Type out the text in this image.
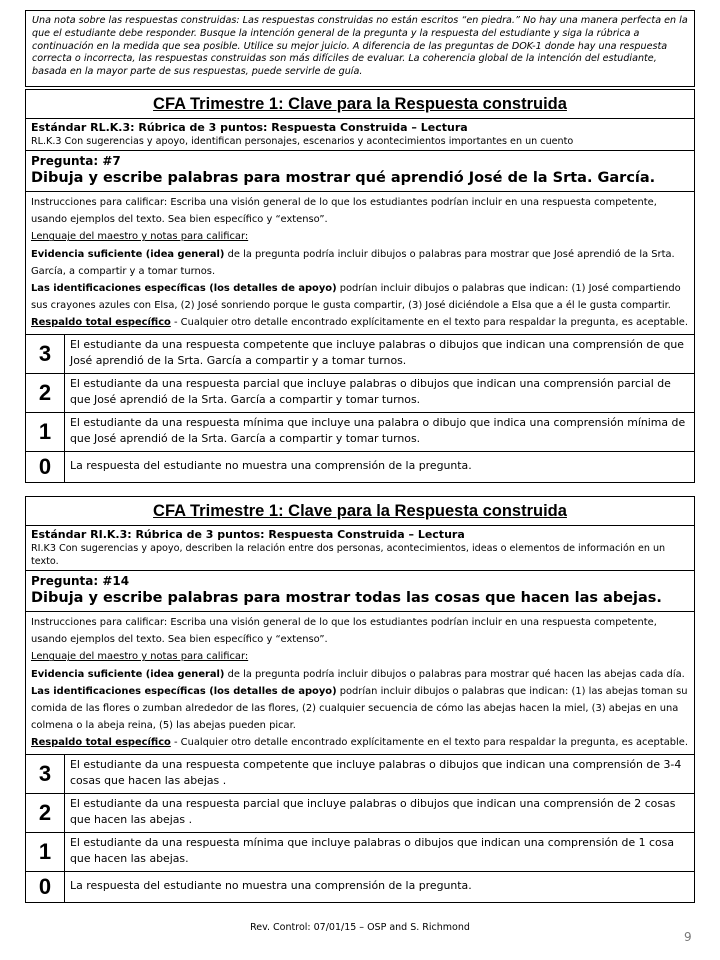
Una nota sobre las respuestas construidas: Las respuestas construidas no están escritos “en piedra.” No hay una manera perfecta en la que el estudiante debe responder. Busque la intención general de la pregunta y la respuesta del estudiante y siga la rúbrica a continuación en la medida que sea posible. Utilice su mejor juicio. A diferencia de las preguntas de DOK-1 donde hay una respuesta correcta o incorrecta, las respuestas construidas son más difíciles de evaluar. La coherencia global de la intención del estudiante, basada en la mayor parte de sus respuestas, puede servirle de guía.
CFA Trimestre 1: Clave para la Respuesta construida
Estándar RL.K.3: Rúbrica de 3 puntos: Respuesta Construida – Lectura
RL.K.3 Con sugerencias y apoyo, identifican personajes, escenarios y acontecimientos importantes en un cuento
Pregunta: #7
Dibuja y escribe palabras para mostrar qué aprendió José de la Srta. García.
Instrucciones para calificar: Escriba una visión general de lo que los estudiantes podrían incluir en una respuesta competente, usando ejemplos del texto. Sea bien específico y “extenso”.
Lenguaje del maestro y notas para calificar:
Evidencia suficiente (idea general) de la pregunta podría incluir dibujos o palabras para mostrar que José aprendió de la Srta. García, a compartir y a tomar turnos.
Las identificaciones específicas (los detalles de apoyo) podrían incluir dibujos o palabras que indican: (1) José compartiendo sus crayones azules con Elsa, (2) José sonriendo porque le gusta compartir, (3) José diciéndole a Elsa que a él le gusta compartir.
Respaldo total específico - Cualquier otro detalle encontrado explícitamente en el texto para respaldar la pregunta, es aceptable.
3	El estudiante da una respuesta competente que incluye palabras o dibujos que indican una comprensión de que José aprendió de la Srta. García a compartir y a tomar turnos.
2	El estudiante da una respuesta parcial que incluye palabras o dibujos que indican una comprensión parcial de que José aprendió de la Srta. García a compartir y tomar turnos.
1	El estudiante da una respuesta mínima que incluye una palabra o dibujo que indica una comprensión mínima de que José aprendió de la Srta. García a compartir y tomar turnos.
0	La respuesta del estudiante no muestra una comprensión de la pregunta.
CFA Trimestre 1: Clave para la Respuesta construida
Estándar RI.K.3: Rúbrica de 3 puntos: Respuesta Construida – Lectura
RI.K3 Con sugerencias y apoyo, describen la relación entre dos personas, acontecimientos, ideas o elementos de información en un texto.
Pregunta: #14
Dibuja y escribe palabras para mostrar todas las cosas que hacen las abejas.
Instrucciones para calificar: Escriba una visión general de lo que los estudiantes podrían incluir en una respuesta competente, usando ejemplos del texto. Sea bien específico y “extenso”.
Lenguaje del maestro y notas para calificar:
Evidencia suficiente (idea general) de la pregunta podría incluir dibujos o palabras para mostrar qué hacen las abejas cada día.
Las identificaciones específicas (los detalles de apoyo) podrían incluir dibujos o palabras que indican: (1) las abejas toman su comida de las flores o zumban alrededor de las flores, (2) cualquier secuencia de cómo las abejas hacen la miel, (3) abejas en una colmena o la abeja reina, (5) las abejas pueden picar.
Respaldo total específico - Cualquier otro detalle encontrado explícitamente en el texto para respaldar la pregunta, es aceptable.
3	El estudiante da una respuesta competente que incluye palabras o dibujos que indican una comprensión de 3-4 cosas que hacen las abejas .
2	El estudiante da una respuesta parcial que incluye palabras o dibujos que indican una comprensión de 2 cosas que hacen las abejas .
1	El estudiante da una respuesta mínima que incluye palabras o dibujos que indican una comprensión de 1 cosa que hacen las abejas.
0	La respuesta del estudiante no muestra una comprensión de la pregunta.
Rev. Control: 07/01/15 – OSP and S. Richmond
9
